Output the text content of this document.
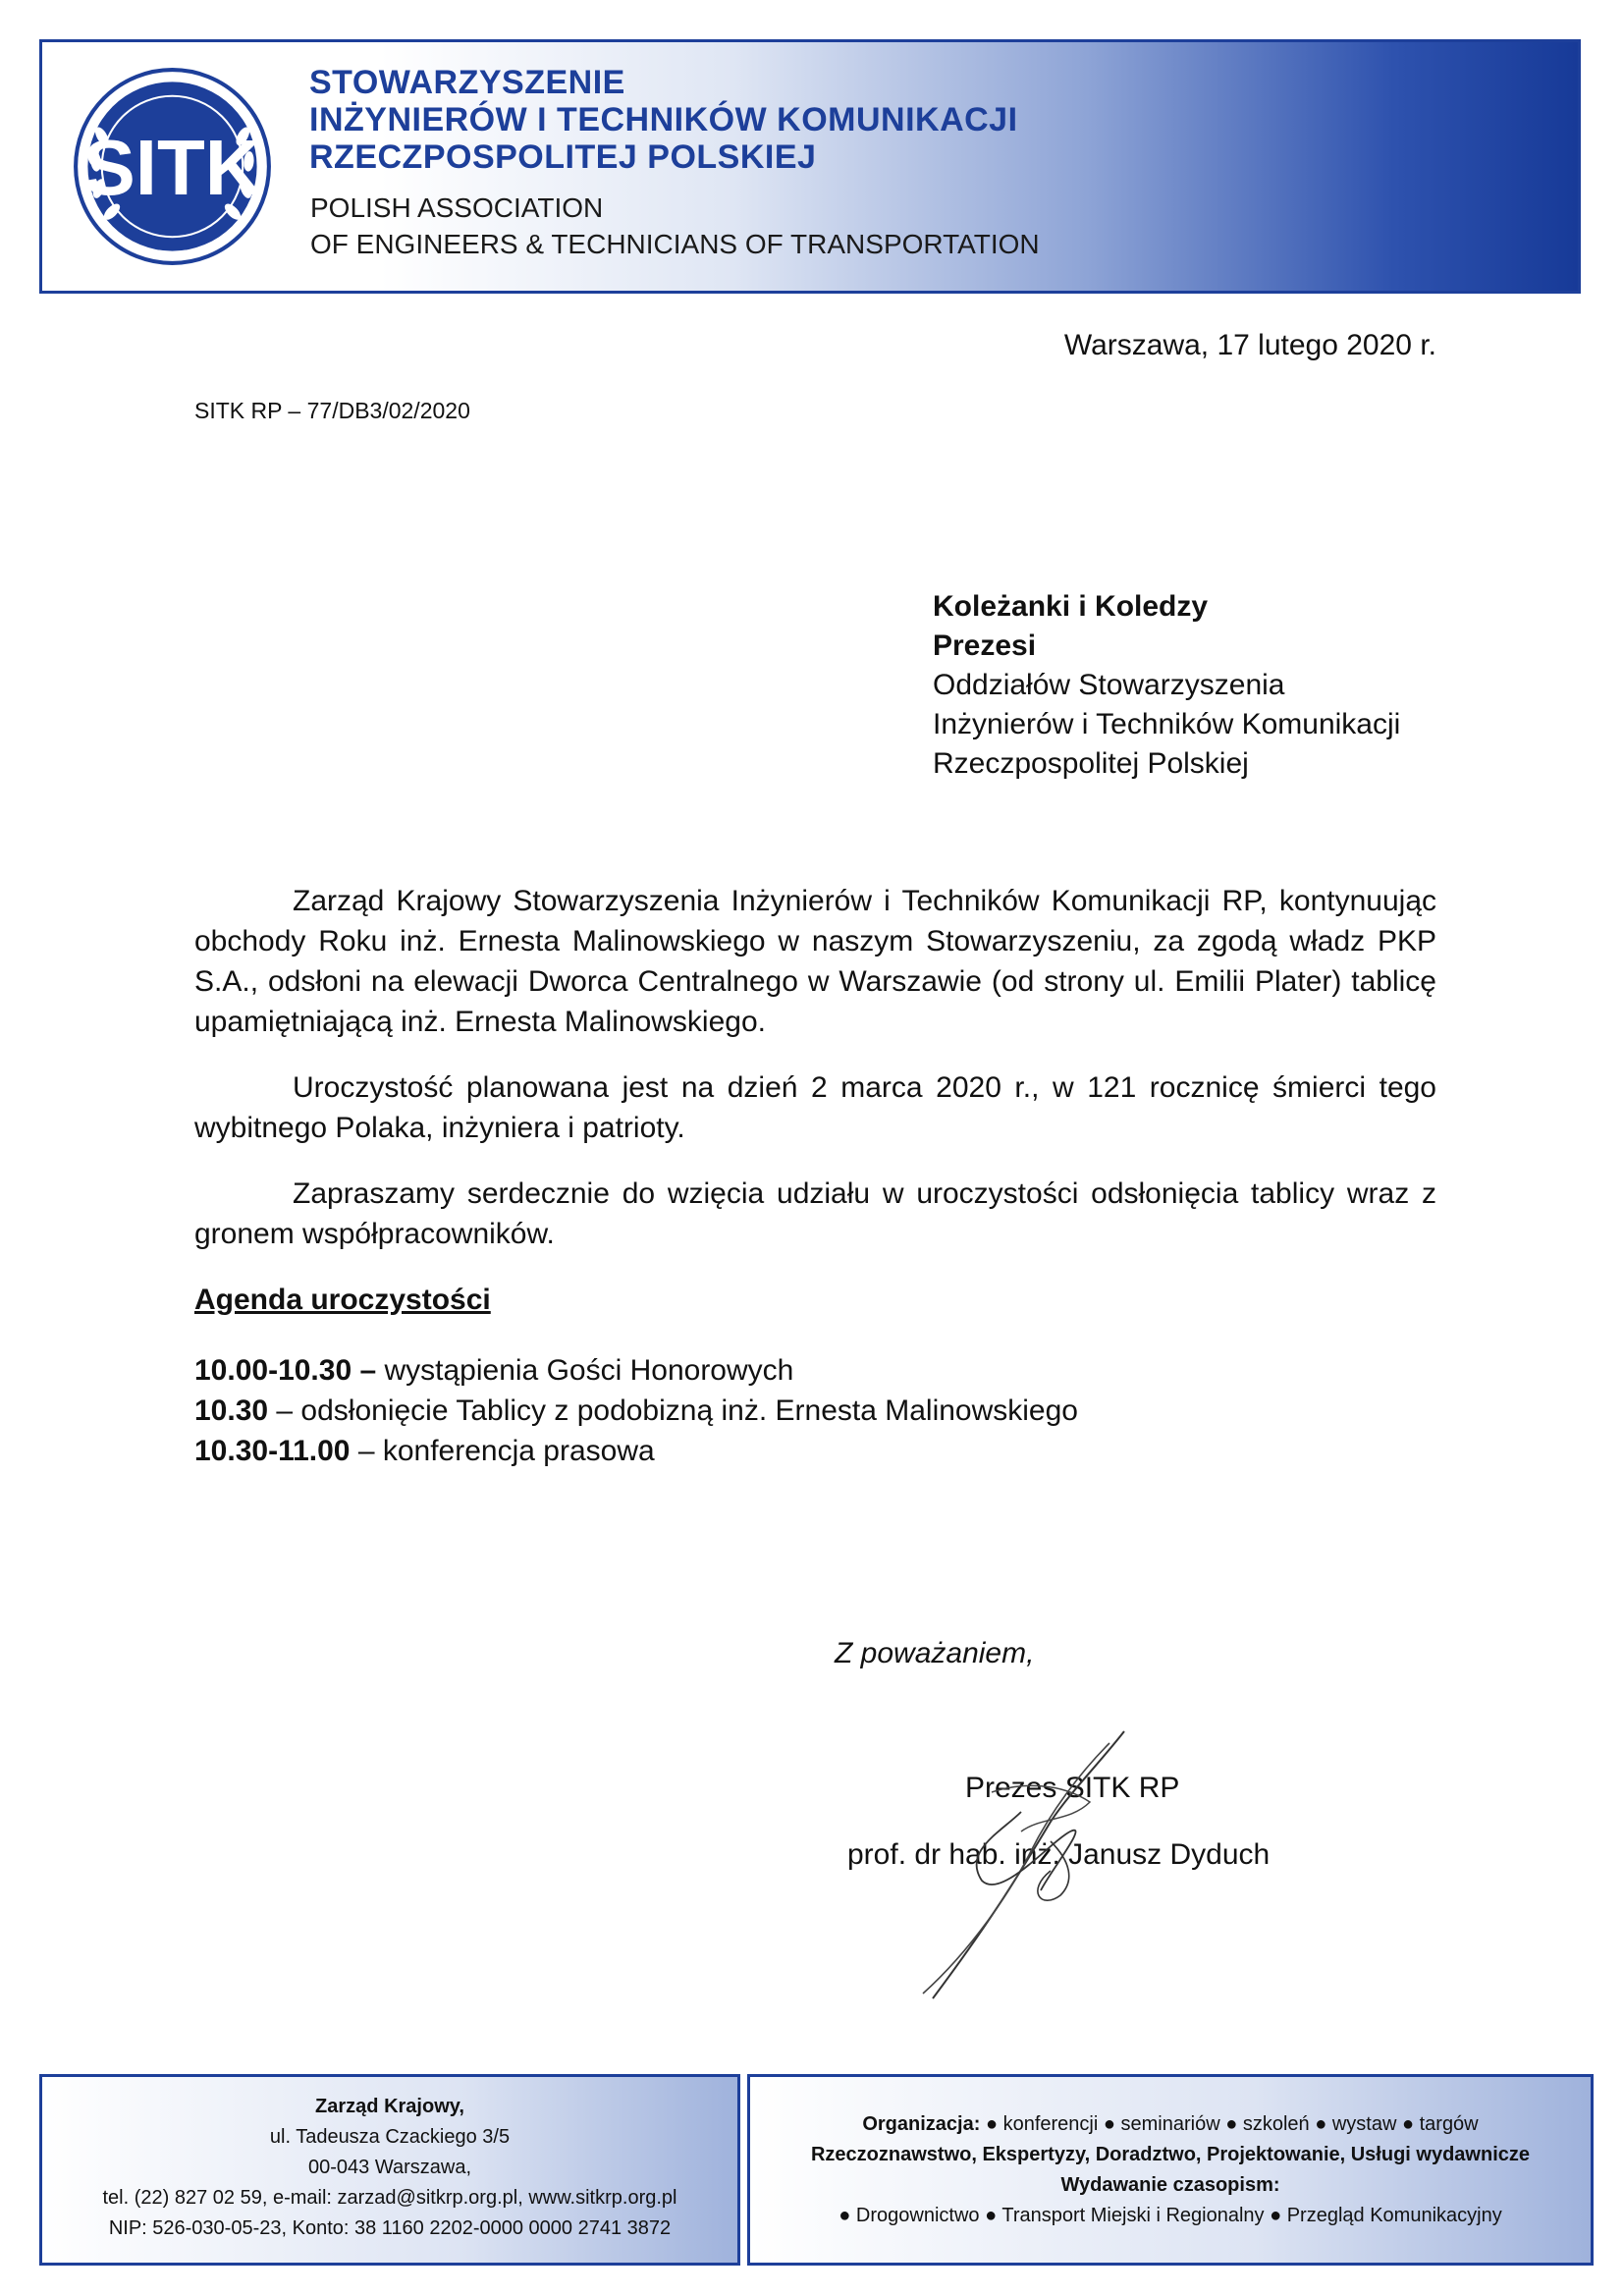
SITK
STOWARZYSZENIE
INŻYNIERÓW I TECHNIKÓW KOMUNIKACJI
RZECZPOSPOLITEJ POLSKIEJ
POLISH ASSOCIATION
OF ENGINEERS & TECHNICIANS OF TRANSPORTATION
Warszawa, 17 lutego 2020 r.
SITK RP – 77/DB3/02/2020
Koleżanki i Koledzy
Prezesi
Oddziałów Stowarzyszenia
Inżynierów i Techników Komunikacji
Rzeczpospolitej Polskiej

Zarząd Krajowy Stowarzyszenia Inżynierów i Techników Komunikacji RP, kontynuując obchody Roku inż. Ernesta Malinowskiego w naszym Stowarzyszeniu, za zgodą władz PKP S.A., odsłoni na elewacji Dworca Centralnego w Warszawie (od strony ul. Emilii Plater) tablicę upamiętniającą inż. Ernesta Malinowskiego.

Uroczystość planowana jest na dzień 2 marca 2020 r., w 121 rocznicę śmierci tego wybitnego Polaka, inżyniera i patrioty.

Zapraszamy serdecznie do wzięcia udziału w uroczystości odsłonięcia tablicy wraz z gronem współpracowników.

Agenda uroczystości
10.00-10.30 – wystąpienia Gości Honorowych
10.30 – odsłonięcie Tablicy z podobizną inż. Ernesta Malinowskiego
10.30-11.00 – konferencja prasowa
Z poważaniem,
Prezes SITK RP
prof. dr hab. inż. Janusz Dyduch
Zarząd Krajowy,
ul. Tadeusza Czackiego 3/5
00-043 Warszawa,
tel. (22) 827 02 59, e-mail: zarzad@sitkrp.org.pl, www.sitkrp.org.pl
NIP: 526-030-05-23, Konto: 38 1160 2202-0000 0000 2741 3872
Organizacja: ● konferencji ● seminariów ● szkoleń ● wystaw ● targów
Rzeczoznawstwo, Ekspertyzy, Doradztwo, Projektowanie, Usługi wydawnicze
Wydawanie czasopism:
● Drogownictwo ● Transport Miejski i Regionalny ● Przegląd Komunikacyjny
